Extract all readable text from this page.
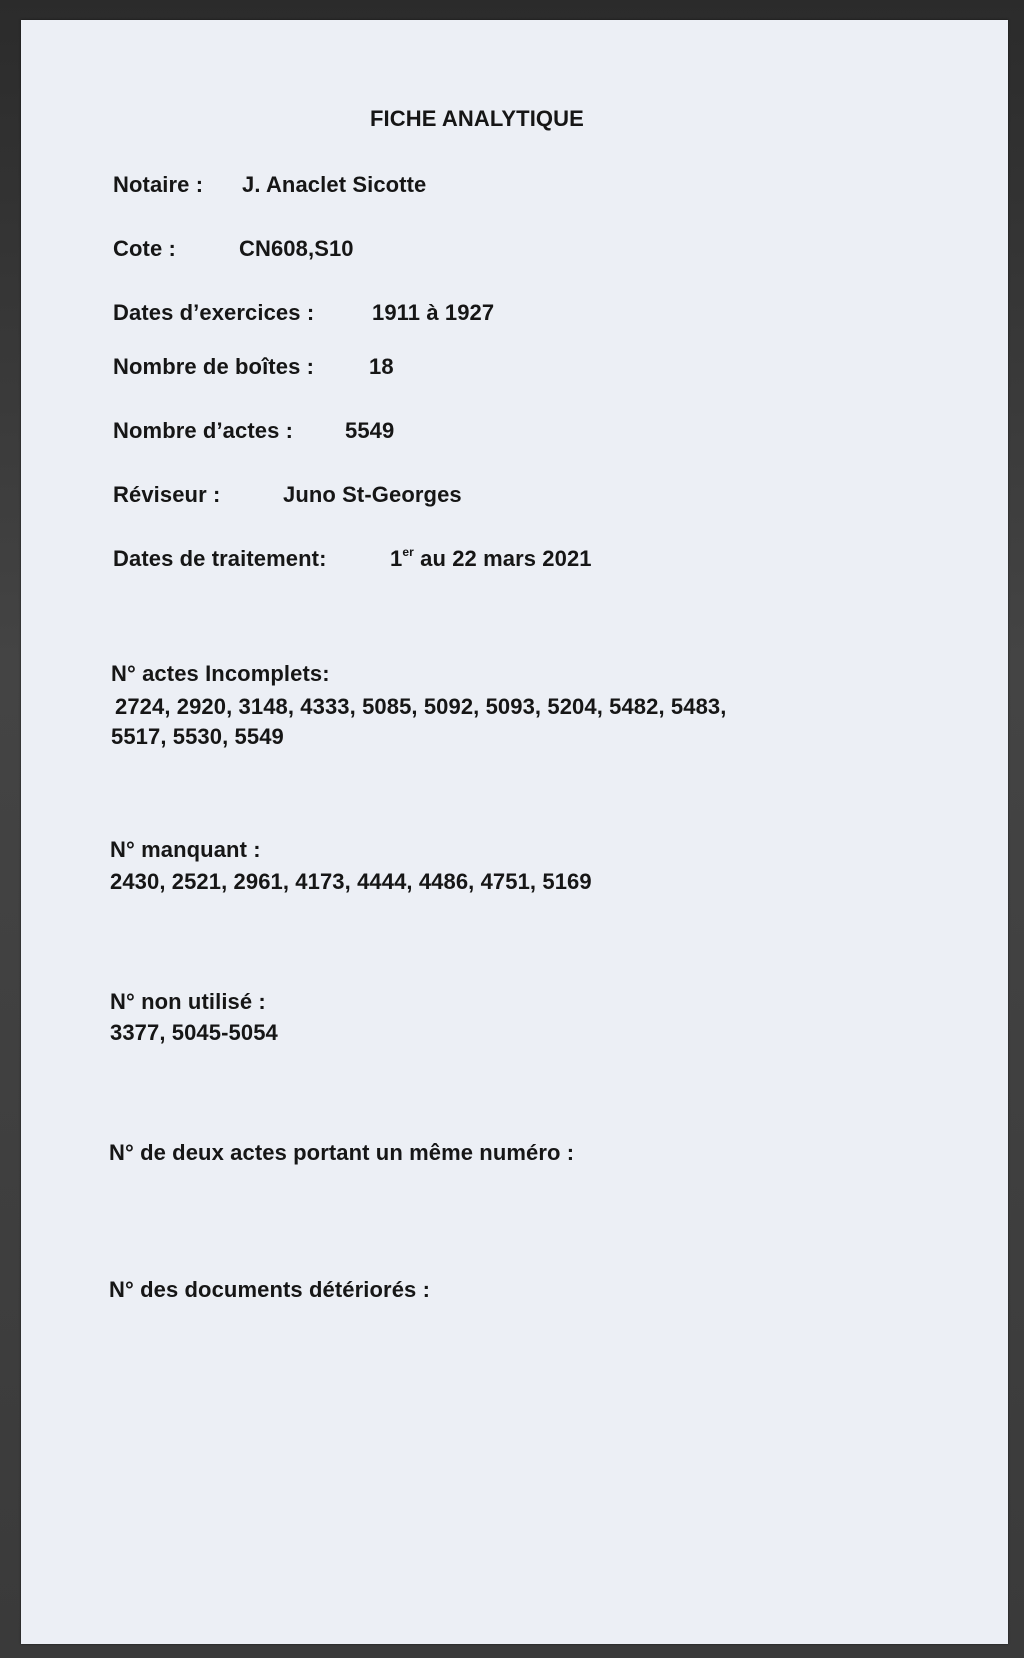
FICHE ANALYTIQUE
Notaire : J. Anaclet Sicotte
Cote :	CN608,S10
Dates d’exercices :	1911 à 1927
Nombre de boîtes : 18
Nombre d’actes : 5549
Réviseur :	Juno St-Georges
Dates de traitement:	1er au 22 mars 2021
N° actes Incomplets:
2724, 2920, 3148, 4333, 5085, 5092, 5093, 5204, 5482, 5483,
5517, 5530, 5549
N° manquant :
2430, 2521, 2961, 4173, 4444, 4486, 4751, 5169
N° non utilisé :
3377, 5045-5054
N° de deux actes portant un même numéro :
N° des documents détériorés :
